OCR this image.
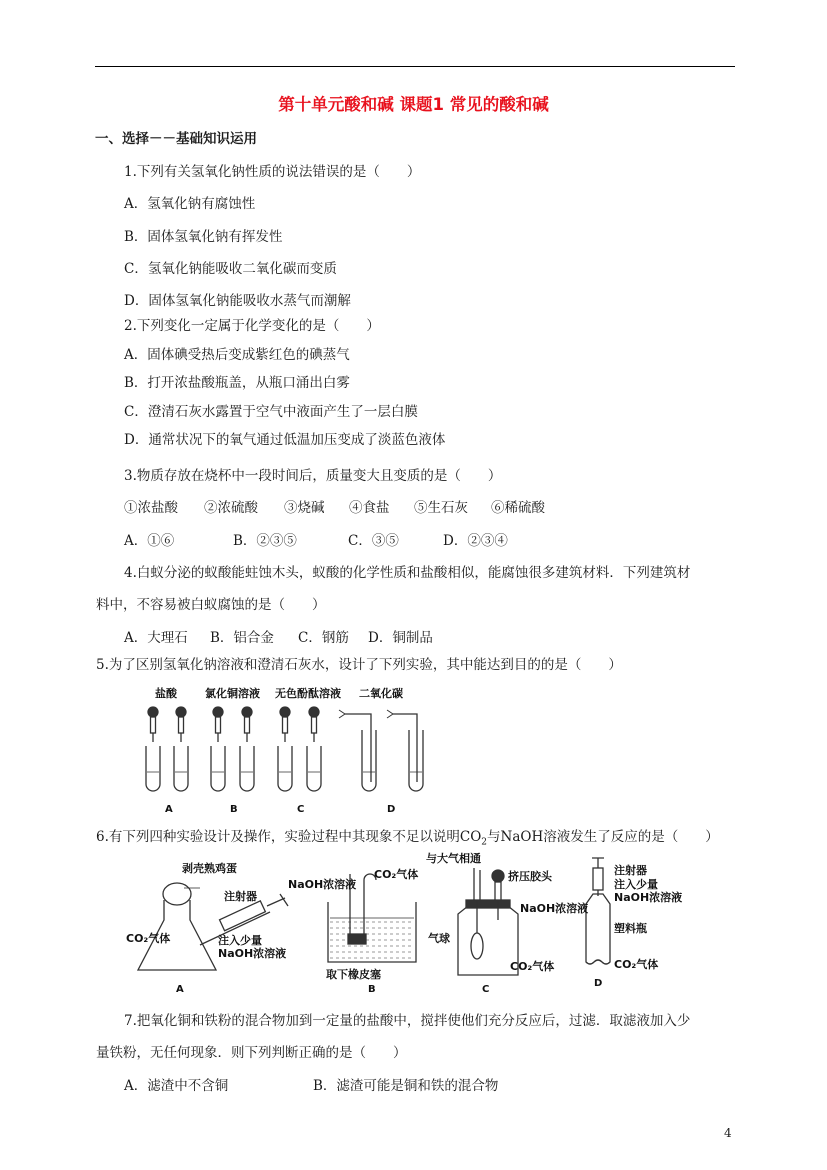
第十单元酸和碱 课题1 常见的酸和碱
一、选择－－基础知识运用
1.下列有关氢氧化钠性质的说法错误的是（　　）
A．氢氧化钠有腐蚀性
B．固体氢氧化钠有挥发性
C．氢氧化钠能吸收二氧化碳而变质
D．固体氢氧化钠能吸收水蒸气而潮解
2.下列变化一定属于化学变化的是（　　）
A．固体碘受热后变成紫红色的碘蒸气
B．打开浓盐酸瓶盖，从瓶口涌出白雾
C．澄清石灰水露置于空气中液面产生了一层白膜
D．通常状况下的氧气通过低温加压变成了淡蓝色液体
3.物质存放在烧杯中一段时间后，质量变大且变质的是（　　）
①浓盐酸 ②浓硫酸 ③烧碱 ④食盐 ⑤生石灰 ⑥稀硫酸
A．①⑥	B．②③⑤	C．③⑤	D．②③④
4.白蚁分泌的蚁酸能蛀蚀木头，蚁酸的化学性质和盐酸相似，能腐蚀很多建筑材料．下列建筑材
料中，不容易被白蚁腐蚀的是（　　）
A．大理石 B．铝合金 C．钢筋 D．铜制品
5.为了区别氢氧化钠溶液和澄清石灰水，设计了下列实验，其中能达到目的的是（　　）
盐酸	氯化铜溶液 无色酚酞溶液 二氧化碳
A	B	C	D
6.有下列四种实验设计及操作，实验过程中其现象不足以说明$CO_2$与NaOH溶液发生了反应的是（　　）
剥壳熟鸡蛋
注射器
CO₂气体	注入少量
NaOH浓溶液
A
NaOH浓溶液
CO₂气体
取下橡皮塞
B
与大气相通
挤压胶头
NaOH浓溶液
气球
CO₂气体
C
注射器
注入少量
NaOH浓溶液
塑料瓶
CO₂气体
D
7.把氧化铜和铁粉的混合物加到一定量的盐酸中，搅拌使他们充分反应后，过滤．取滤液加入少
量铁粉，无任何现象．则下列判断正确的是（　　）
A．滤渣中不含铜	B．滤渣可能是铜和铁的混合物
4
